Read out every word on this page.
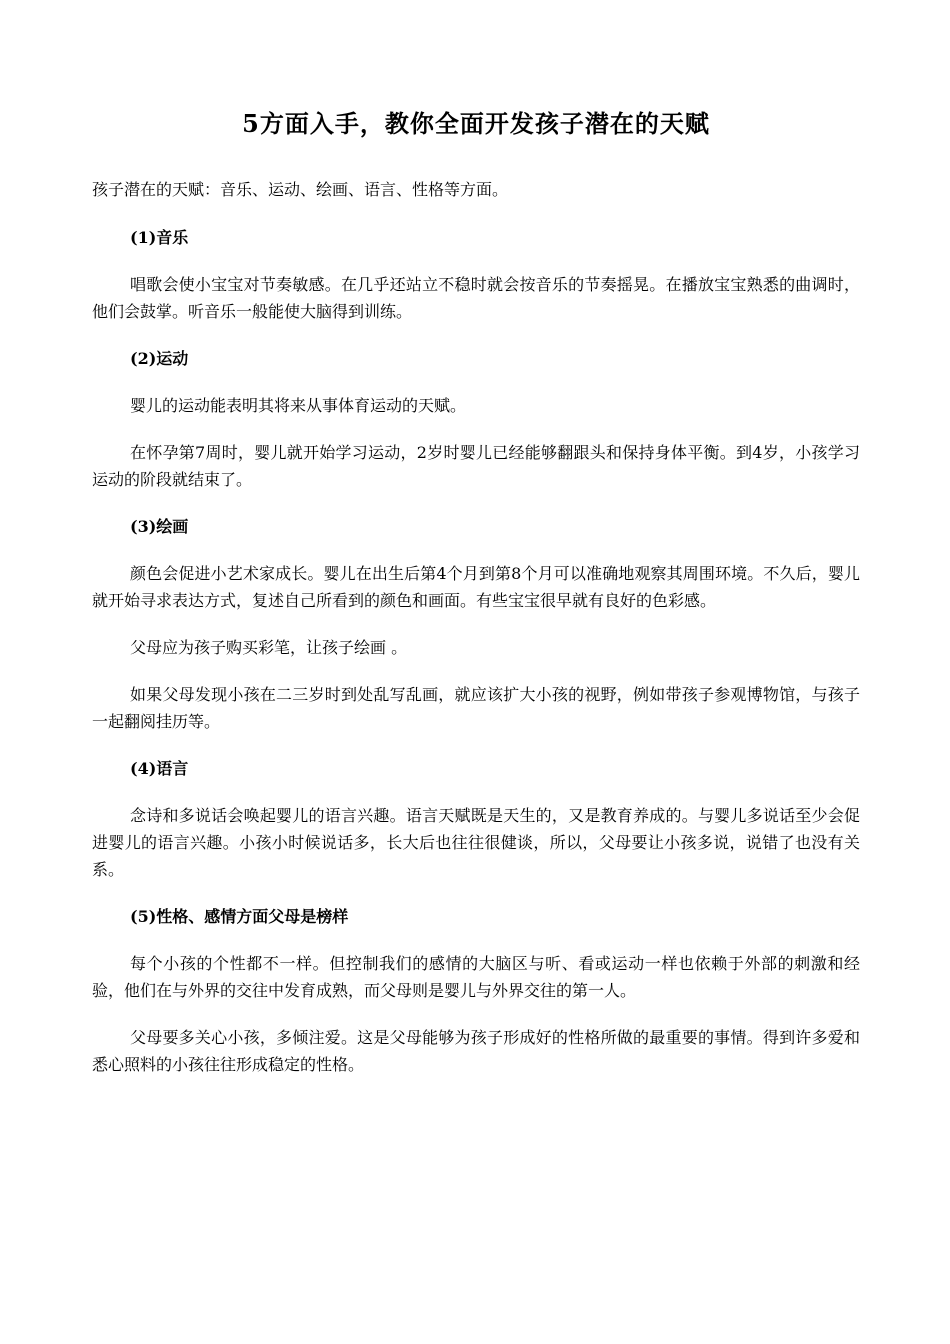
5方面入手，教你全面开发孩子潜在的天赋

孩子潜在的天赋：音乐、运动、绘画、语言、性格等方面。

(1)音乐

唱歌会使小宝宝对节奏敏感。在几乎还站立不稳时就会按音乐的节奏摇晃。在播放宝宝熟悉的曲调时，他们会鼓掌。听音乐一般能使大脑得到训练。

(2)运动

婴儿的运动能表明其将来从事体育运动的天赋。

在怀孕第7周时，婴儿就开始学习运动，2岁时婴儿已经能够翻跟头和保持身体平衡。到4岁，小孩学习运动的阶段就结束了。

(3)绘画

颜色会促进小艺术家成长。婴儿在出生后第4个月到第8个月可以准确地观察其周围环境。不久后，婴儿就开始寻求表达方式，复述自己所看到的颜色和画面。有些宝宝很早就有良好的色彩感。

父母应为孩子购买彩笔，让孩子绘画 。

如果父母发现小孩在二三岁时到处乱写乱画，就应该扩大小孩的视野，例如带孩子参观博物馆，与孩子一起翻阅挂历等。

(4)语言

念诗和多说话会唤起婴儿的语言兴趣。语言天赋既是天生的，又是教育养成的。与婴儿多说话至少会促进婴儿的语言兴趣。小孩小时候说话多，长大后也往往很健谈，所以，父母要让小孩多说，说错了也没有关系。

(5)性格、感情方面父母是榜样

每个小孩的个性都不一样。但控制我们的感情的大脑区与听、看或运动一样也依赖于外部的刺激和经验，他们在与外界的交往中发育成熟，而父母则是婴儿与外界交往的第一人。

父母要多关心小孩，多倾注爱。这是父母能够为孩子形成好的性格所做的最重要的事情。得到许多爱和悉心照料的小孩往往形成稳定的性格。
